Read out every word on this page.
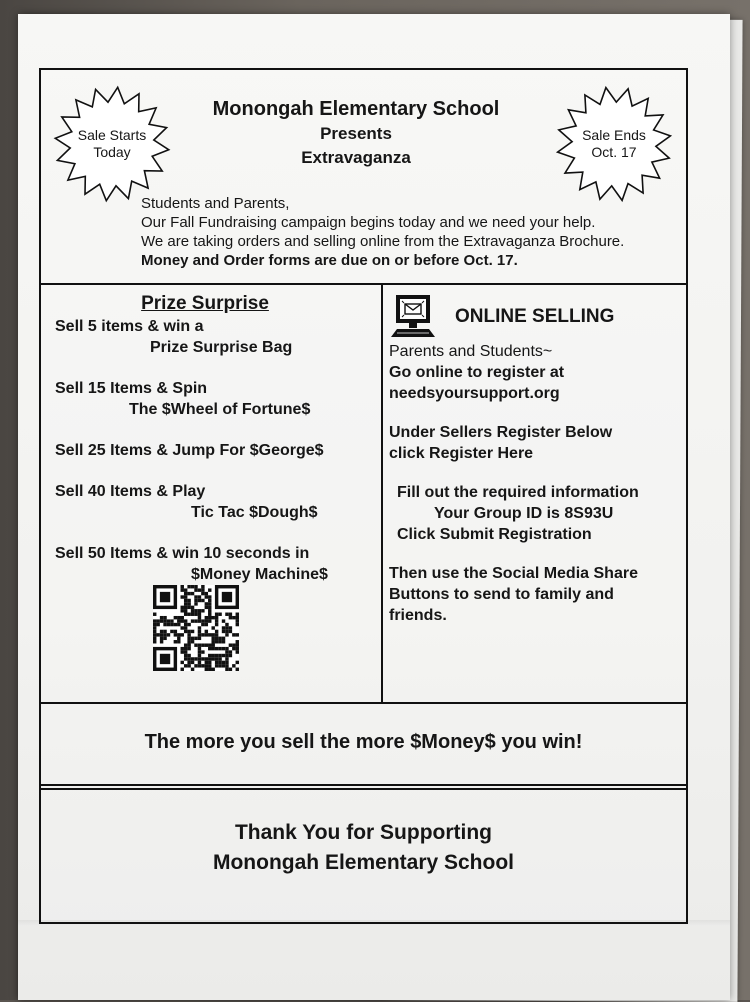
Sale Starts
Today
Monongah Elementary School
Presents
Extravaganza
Sale Ends
Oct. 17
Students and Parents,
Our Fall Fundraising campaign begins today and we need your help.
We are taking orders and selling online from the Extravaganza Brochure.
Money and Order forms are due on or before Oct. 17.
Prize Surprise
Sell 5 items & win a
Prize Surprise Bag
Sell 15 Items & Spin
The $Wheel of Fortune$
Sell 25 Items & Jump For $George$
Sell 40 Items & Play
Tic Tac $Dough$
Sell 50 Items & win 10 seconds in
$Money Machine$
ONLINE SELLING
Parents and Students~
Go online to register at
needsyoursupport.org
Under Sellers Register Below
click Register Here
Fill out the required information
Your Group ID is 8S93U
Click Submit Registration
Then use the Social Media Share
Buttons to send to family and
friends.
The more you sell the more $Money$ you win!
Thank You for Supporting
Monongah Elementary School
